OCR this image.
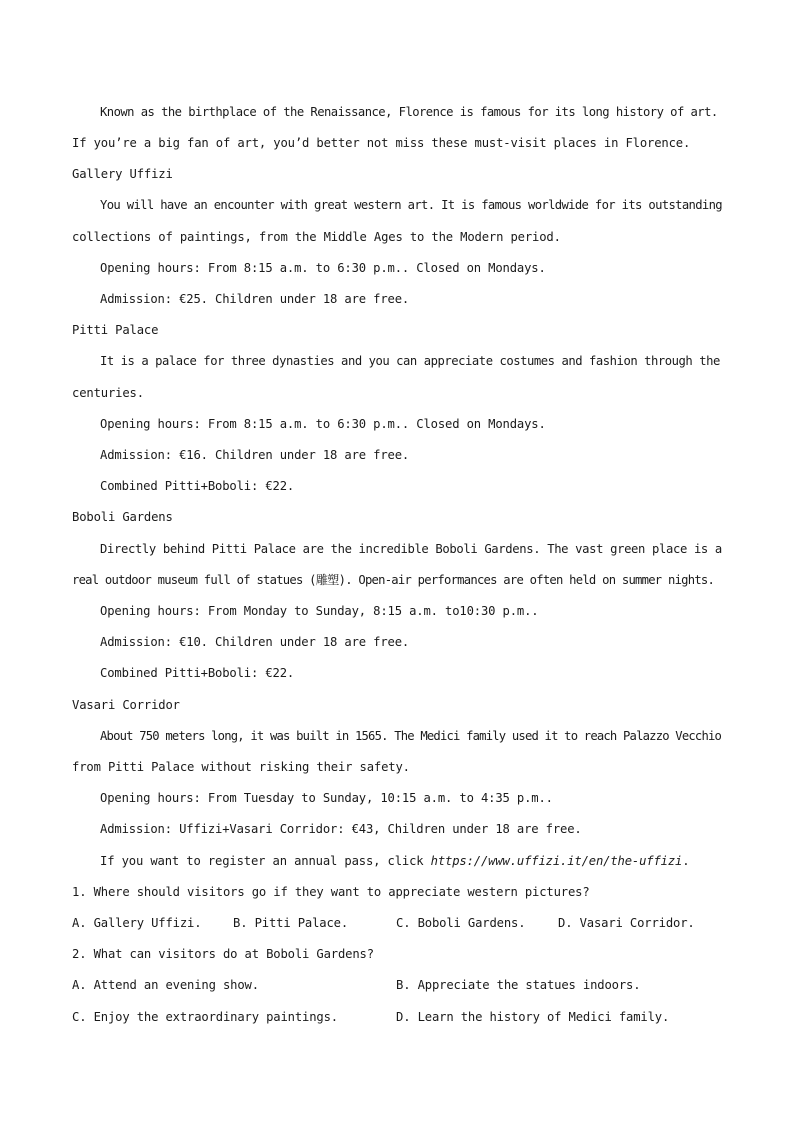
Known as the birthplace of the Renaissance, Florence is famous for its long history of art.
If you’re a big fan of art, you’d better not miss these must-visit places in Florence.
Gallery Uffizi
You will have an encounter with great western art. It is famous worldwide for its outstanding
collections of paintings, from the Middle Ages to the Modern period.
Opening hours: From 8:15 a.m. to 6:30 p.m.. Closed on Mondays.
Admission: €25. Children under 18 are free.
Pitti Palace
It is a palace for three dynasties and you can appreciate costumes and fashion through the
centuries.
Opening hours: From 8:15 a.m. to 6:30 p.m.. Closed on Mondays.
Admission: €16. Children under 18 are free.
Combined Pitti+Boboli: €22.
Boboli Gardens
Directly behind Pitti Palace are the incredible Boboli Gardens. The vast green place is a
real outdoor museum full of statues (雕塑). Open-air performances are often held on summer nights.
Opening hours: From Monday to Sunday, 8:15 a.m. to10:30 p.m..
Admission: €10. Children under 18 are free.
Combined Pitti+Boboli: €22.
Vasari Corridor
About 750 meters long, it was built in 1565. The Medici family used it to reach Palazzo Vecchio
from Pitti Palace without risking their safety.
Opening hours: From Tuesday to Sunday, 10:15 a.m. to 4:35 p.m..
Admission: Uffizi+Vasari Corridor: €43, Children under 18 are free.
If you want to register an annual pass, click https://www.uffizi.it/en/the-uffizi.
1. Where should visitors go if they want to appreciate western pictures?
A. Gallery Uffizi.	B. Pitti Palace.	C. Boboli Gardens.	D. Vasari Corridor.
2. What can visitors do at Boboli Gardens?
A. Attend an evening show.	B. Appreciate the statues indoors.
C. Enjoy the extraordinary paintings.	D. Learn the history of Medici family.
